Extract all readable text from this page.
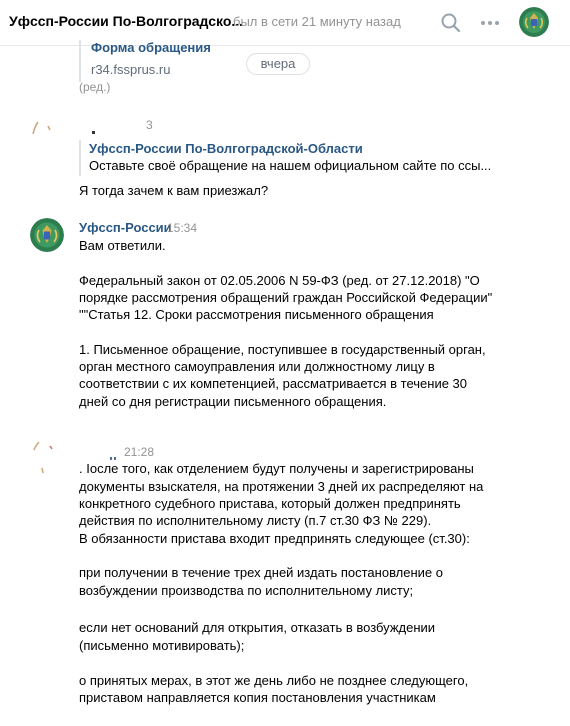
Уфссп-России По-Волгоградско...
был в сети 21 минуту назад
Форма обращения
r34.fssprus.ru
(ред.)
вчера
3
Уфссп-России По-Волгоградской-Области
Оставьте своё обращение на нашем официальном сайте по ссы...
Я тогда зачем к вам приезжал?
Уфссп-России
15:34
Вам ответили.

Федеральный закон от 02.05.2006 N 59-ФЗ (ред. от 27.12.2018) "О порядке рассмотрения обращений граждан Российской Федерации"
""Статья 12. Сроки рассмотрения письменного обращения

1. Письменное обращение, поступившее в государственный орган, орган местного самоуправления или должностному лицу в соответствии с их компетенцией, рассматривается в течение 30 дней со дня регистрации письменного обращения.
21:28
. Іосле того, как отделением будут получены и зарегистрированы
документы взыскателя, на протяжении 3 дней их распределяют на
конкретного судебного пристава, который должен предпринять
действия по исполнительному листу (п.7 ст.30 ФЗ № 229).
В обязанности пристава входит предпринять следующее (ст.30):
при получении в течение трех дней издать постановление о
возбуждении производства по исполнительному листу;
если нет оснований для открытия, отказать в возбуждении
(письменно мотивировать);
о принятых мерах, в этот же день либо не позднее следующего,
приставом направляется копия постановления участникам
